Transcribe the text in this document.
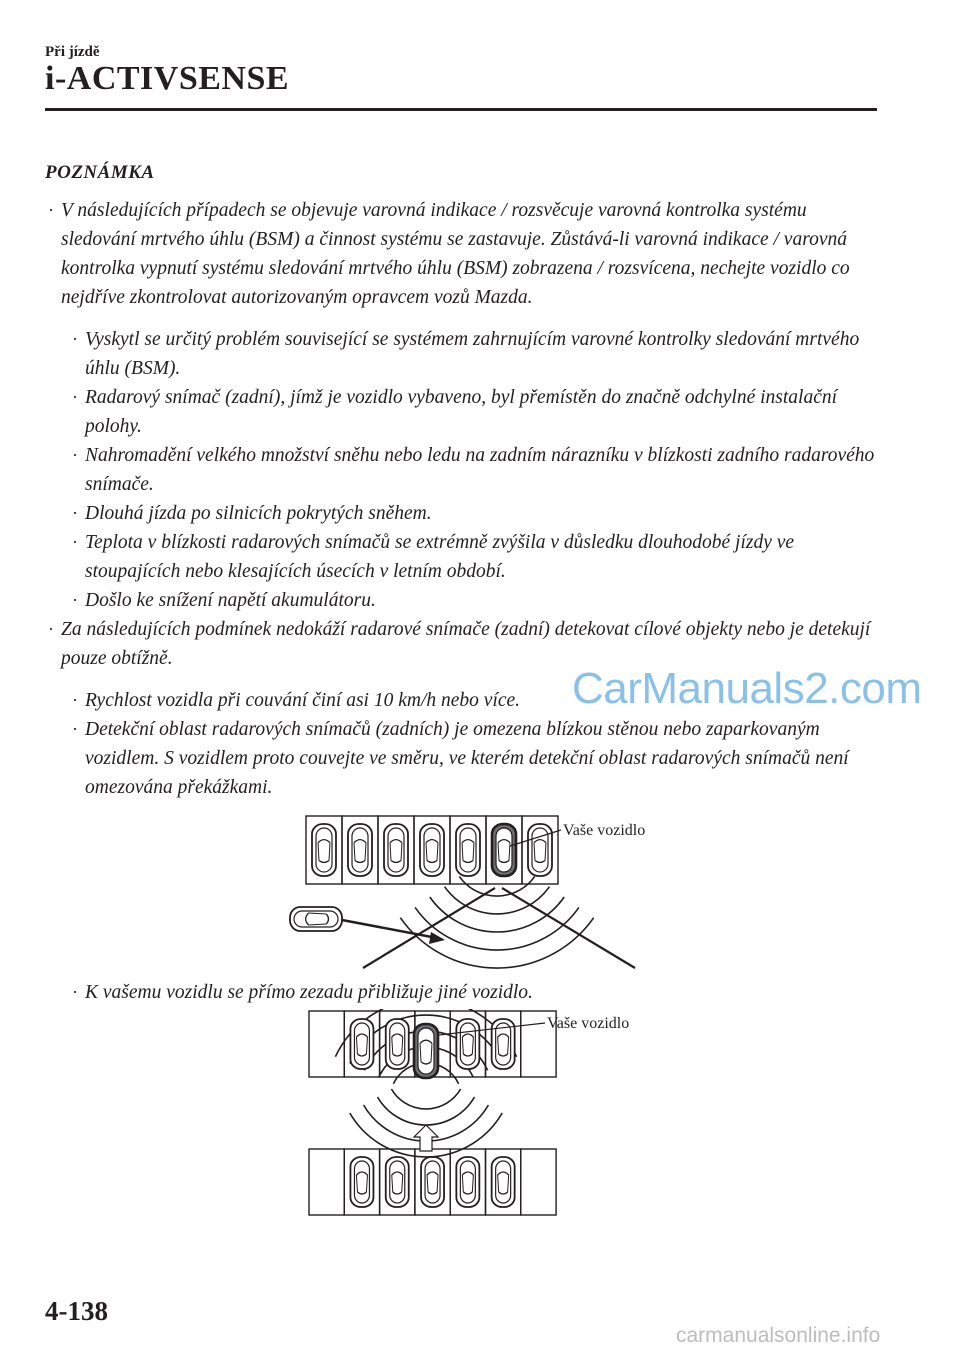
Při jízdě
i-ACTIVSENSE
POZNÁMKA

· V následujících případech se objevuje varovná indikace / rozsvěcuje varovná kontrolka systému sledování mrtvého úhlu (BSM) a činnost systému se zastavuje. Zůstává-li varovná indikace / varovná kontrolka vypnutí systému sledování mrtvého úhlu (BSM) zobrazena / rozsvícena, nechejte vozidlo co nejdříve zkontrolovat autorizovaným opravcem vozů Mazda.

· Vyskytl se určitý problém související se systémem zahrnujícím varovné kontrolky sledování mrtvého úhlu (BSM).

· Radarový snímač (zadní), jímž je vozidlo vybaveno, byl přemístěn do značně odchylné instalační polohy.

· Nahromadění velkého množství sněhu nebo ledu na zadním nárazníku v blízkosti zadního radarového snímače.

· Dlouhá jízda po silnicích pokrytých sněhem.

· Teplota v blízkosti radarových snímačů se extrémně zvýšila v důsledku dlouhodobé jízdy ve stoupajících nebo klesajících úsecích v letním období.

· Došlo ke snížení napětí akumulátoru.

· Za následujících podmínek nedokáží radarové snímače (zadní) detekovat cílové objekty nebo je detekují pouze obtížně.

· Rychlost vozidla při couvání činí asi 10 km/h nebo více.

· Detekční oblast radarových snímačů (zadních) je omezena blízkou stěnou nebo zaparkovaným vozidlem. S vozidlem proto couvejte ve směru, ve kterém detekční oblast radarových snímačů není omezována překážkami.

Vaše vozidlo

· K vašemu vozidlu se přímo zezadu přibližuje jiné vozidlo.

Vaše vozidlo
CarManuals2.com
4-138
carmanualsonline.info
